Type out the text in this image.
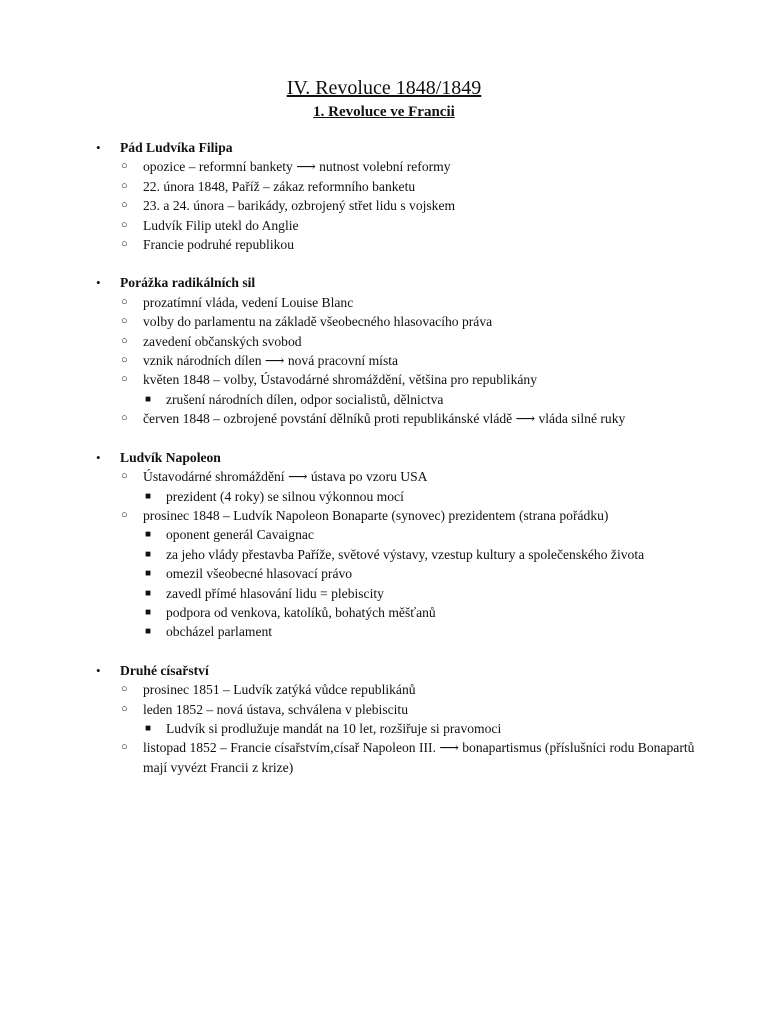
IV. Revoluce 1848/1849
1. Revoluce ve Francii
• Pád Ludvíka Filipa
○ opozice – reformní bankety ⟶ nutnost volební reformy
○ 22. února 1848, Paříž – zákaz reformního banketu
○ 23. a 24. února – barikády, ozbrojený střet lidu s vojskem
○ Ludvík Filip utekl do Anglie
○ Francie podruhé republikou
• Porážka radikálních sil
○ prozatímní vláda, vedení Louise Blanc
○ volby do parlamentu na základě všeobecného hlasovacího práva
○ zavedení občanských svobod
○ vznik národních dílen ⟶ nová pracovní místa
○ květen 1848 – volby, Ústavodárné shromáždění, většina pro republikány
■ zrušení národních dílen, odpor socialistů, dělnictva
○ červen 1848 – ozbrojené povstání dělníků proti republikánské vládě ⟶ vláda silné ruky
• Ludvík Napoleon
○ Ústavodárné shromáždění ⟶ ústava po vzoru USA
■ prezident (4 roky) se silnou výkonnou mocí
○ prosinec 1848 – Ludvík Napoleon Bonaparte (synovec) prezidentem (strana pořádku)
■ oponent generál Cavaignac
■ za jeho vlády přestavba Paříže, světové výstavy, vzestup kultury a společenského života
■ omezil všeobecné hlasovací právo
■ zavedl přímé hlasování lidu = plebiscity
■ podpora od venkova, katolíků, bohatých měšťanů
■ obcházel parlament
• Druhé císařství
○ prosinec 1851 – Ludvík zatýká vůdce republikánů
○ leden 1852 – nová ústava, schválena v plebiscitu
■ Ludvík si prodlužuje mandát na 10 let, rozšiřuje si pravomoci
○ listopad 1852 – Francie císařstvím,císař Napoleon III. ⟶ bonapartismus (příslušníci rodu Bonapartů mají vyvézt Francii z krize)
